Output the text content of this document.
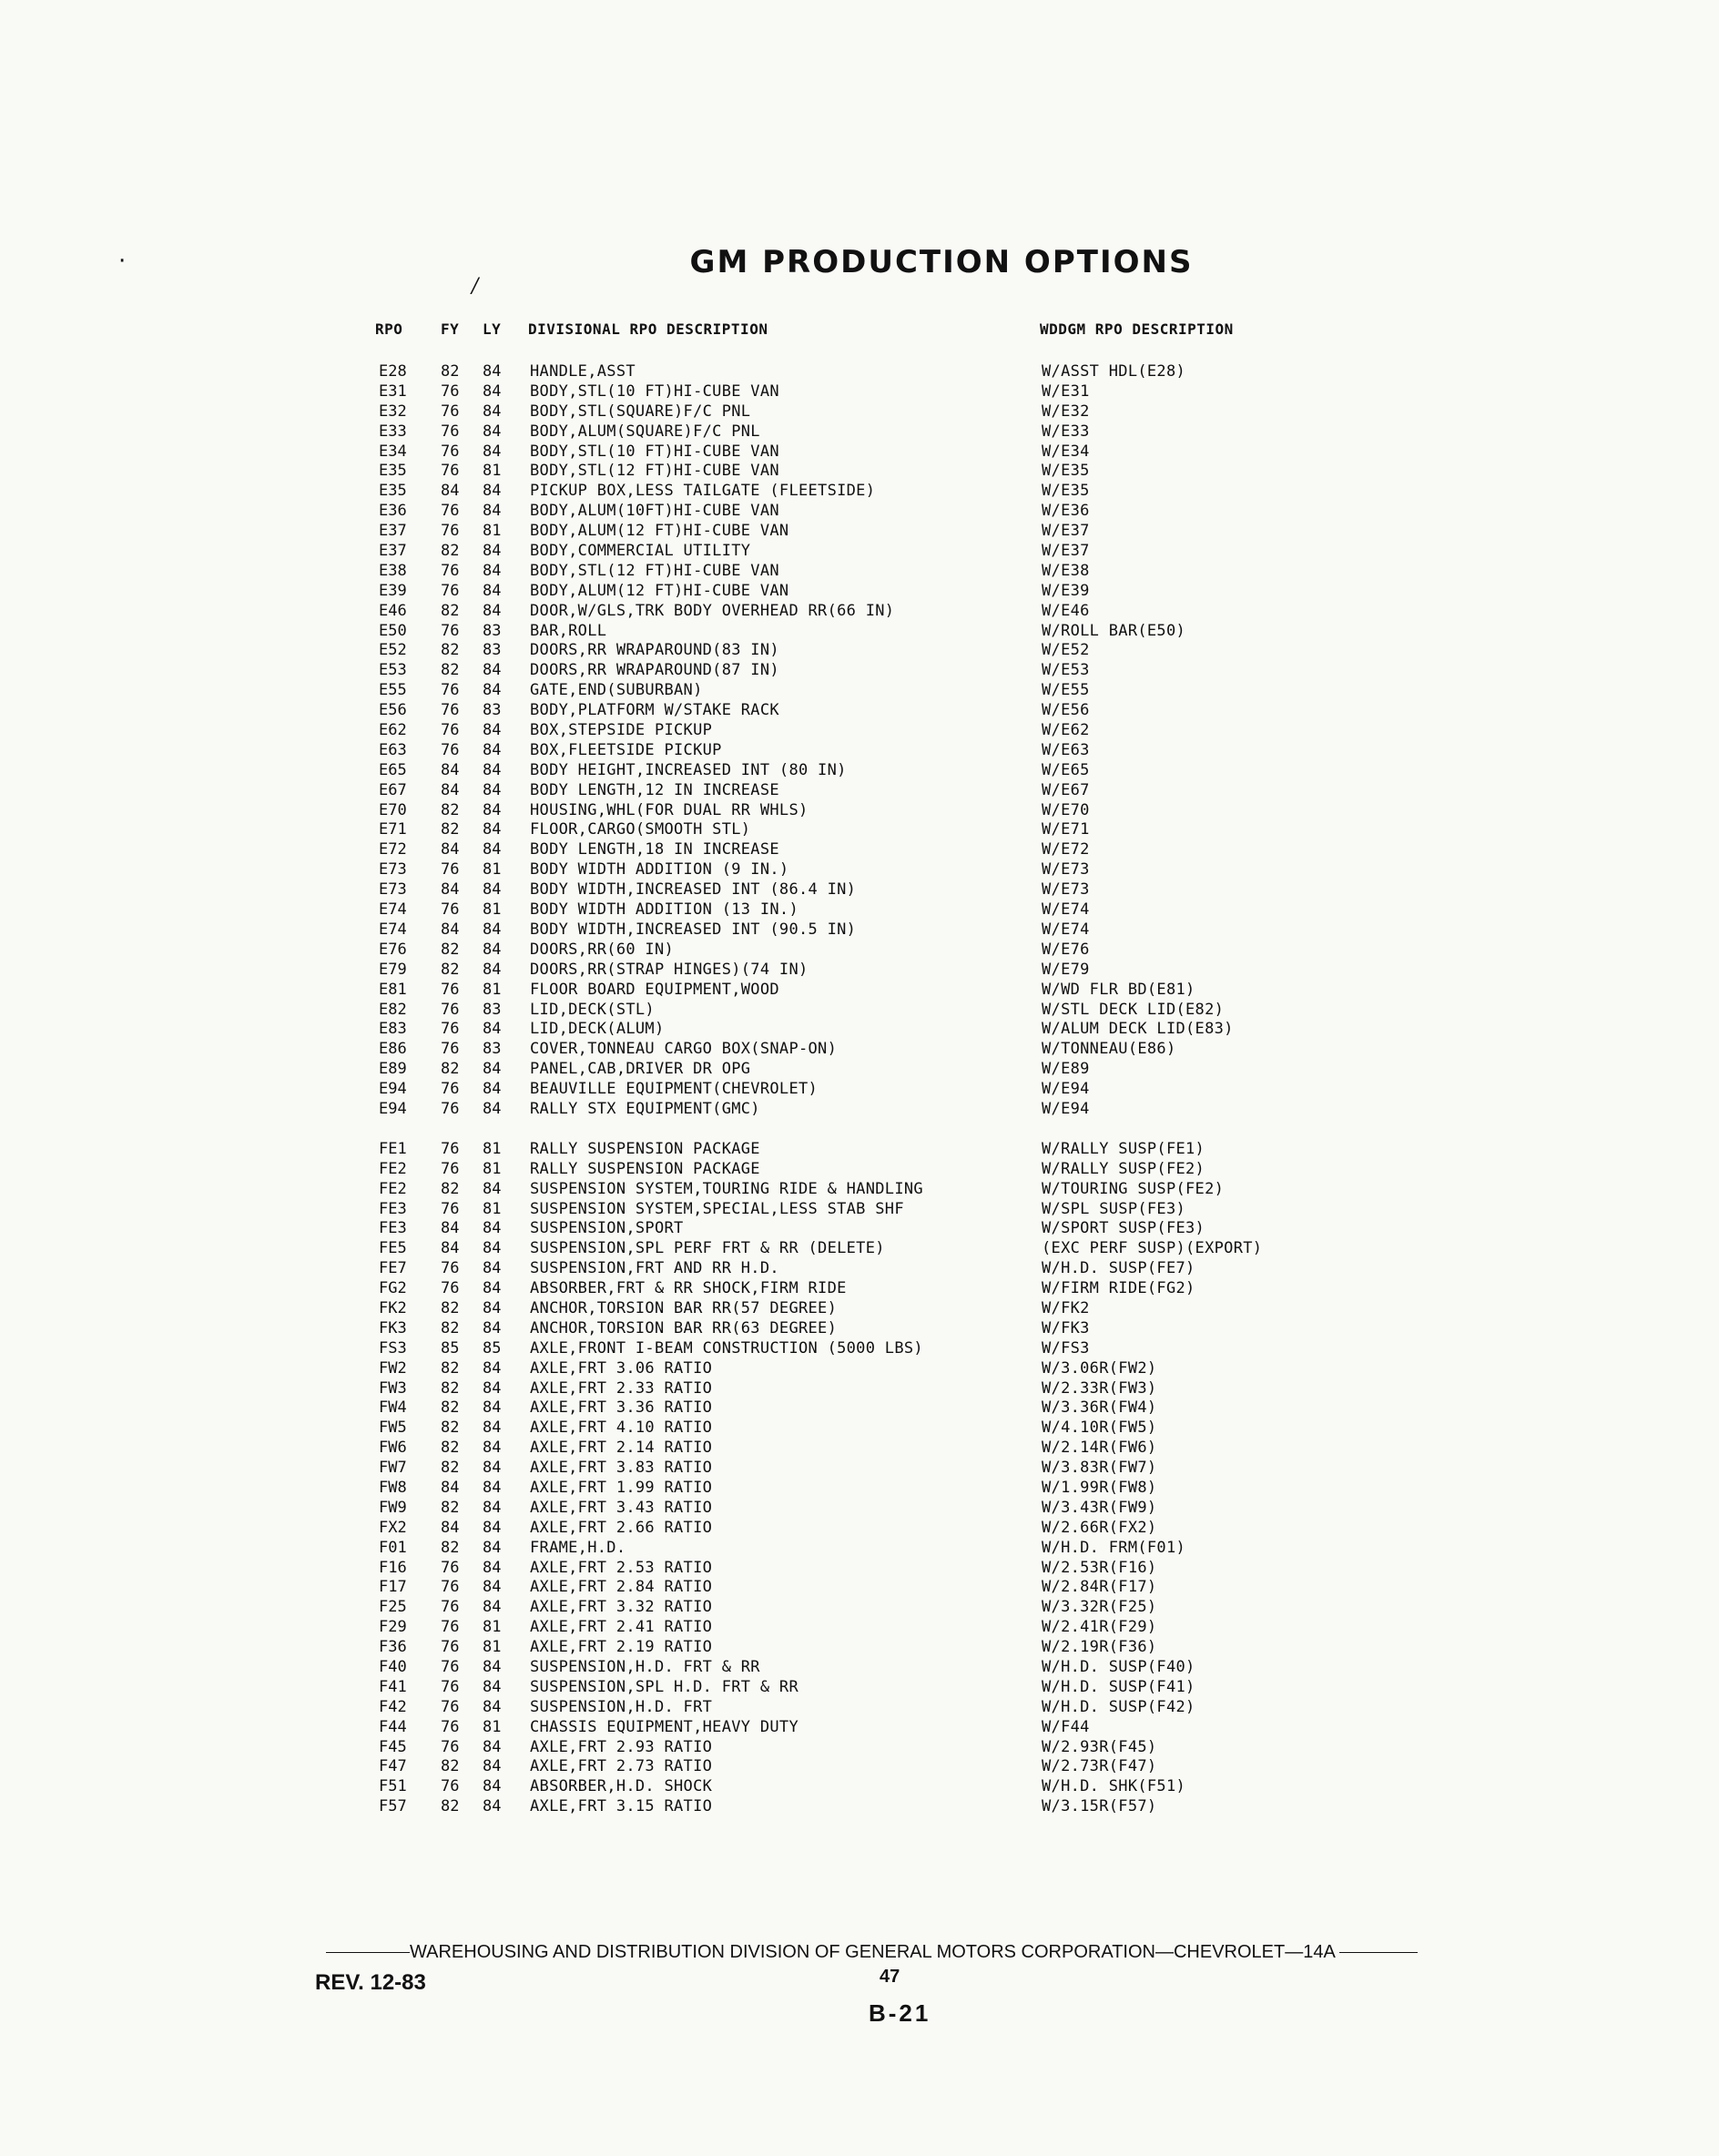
·
/
GM PRODUCTION OPTIONS
RPO	FY LY DIVISIONAL RPO DESCRIPTION	WDDGM RPO DESCRIPTION
E28 82 84 HANDLE,ASST	W/ASST HDL(E28)
E31 76 84 BODY,STL(10 FT)HI-CUBE VAN	W/E31
E32 76 84 BODY,STL(SQUARE)F/C PNL	W/E32
E33 76 84 BODY,ALUM(SQUARE)F/C PNL	W/E33
E34 76 84 BODY,STL(10 FT)HI-CUBE VAN	W/E34
E35 76 81 BODY,STL(12 FT)HI-CUBE VAN	W/E35
E35 84 84 PICKUP BOX,LESS TAILGATE (FLEETSIDE)	W/E35
E36 76 84 BODY,ALUM(10FT)HI-CUBE VAN	W/E36
E37 76 81 BODY,ALUM(12 FT)HI-CUBE VAN	W/E37
E37 82 84 BODY,COMMERCIAL UTILITY	W/E37
E38 76 84 BODY,STL(12 FT)HI-CUBE VAN	W/E38
E39 76 84 BODY,ALUM(12 FT)HI-CUBE VAN	W/E39
E46 82 84 DOOR,W/GLS,TRK BODY OVERHEAD RR(66 IN)	W/E46
E50 76 83 BAR,ROLL	W/ROLL BAR(E50)
E52 82 83 DOORS,RR WRAPAROUND(83 IN)	W/E52
E53 82 84 DOORS,RR WRAPAROUND(87 IN)	W/E53
E55 76 84 GATE,END(SUBURBAN)	W/E55
E56 76 83 BODY,PLATFORM W/STAKE RACK	W/E56
E62 76 84 BOX,STEPSIDE PICKUP	W/E62
E63 76 84 BOX,FLEETSIDE PICKUP	W/E63
E65 84 84 BODY HEIGHT,INCREASED INT (80 IN)	W/E65
E67 84 84 BODY LENGTH,12 IN INCREASE	W/E67
E70 82 84 HOUSING,WHL(FOR DUAL RR WHLS)	W/E70
E71 82 84 FLOOR,CARGO(SMOOTH STL)	W/E71
E72 84 84 BODY LENGTH,18 IN INCREASE	W/E72
E73 76 81 BODY WIDTH ADDITION (9 IN.)	W/E73
E73 84 84 BODY WIDTH,INCREASED INT (86.4 IN)	W/E73
E74 76 81 BODY WIDTH ADDITION (13 IN.)	W/E74
E74 84 84 BODY WIDTH,INCREASED INT (90.5 IN)	W/E74
E76 82 84 DOORS,RR(60 IN)	W/E76
E79 82 84 DOORS,RR(STRAP HINGES)(74 IN)	W/E79
E81 76 81 FLOOR BOARD EQUIPMENT,WOOD	W/WD FLR BD(E81)
E82 76 83 LID,DECK(STL)	W/STL DECK LID(E82)
E83 76 84 LID,DECK(ALUM)	W/ALUM DECK LID(E83)
E86 76 83 COVER,TONNEAU CARGO BOX(SNAP-ON)	W/TONNEAU(E86)
E89 82 84 PANEL,CAB,DRIVER DR OPG	W/E89
E94 76 84 BEAUVILLE EQUIPMENT(CHEVROLET)	W/E94
E94 76 84 RALLY STX EQUIPMENT(GMC)	W/E94
FE1 76 81 RALLY SUSPENSION PACKAGE	W/RALLY SUSP(FE1)
FE2 76 81 RALLY SUSPENSION PACKAGE	W/RALLY SUSP(FE2)
FE2 82 84 SUSPENSION SYSTEM,TOURING RIDE & HANDLING	W/TOURING SUSP(FE2)
FE3 76 81 SUSPENSION SYSTEM,SPECIAL,LESS STAB SHF	W/SPL SUSP(FE3)
FE3 84 84 SUSPENSION,SPORT	W/SPORT SUSP(FE3)
FE5 84 84 SUSPENSION,SPL PERF FRT & RR (DELETE)	(EXC PERF SUSP)(EXPORT)
FE7 76 84 SUSPENSION,FRT AND RR H.D.	W/H.D. SUSP(FE7)
FG2 76 84 ABSORBER,FRT & RR SHOCK,FIRM RIDE	W/FIRM RIDE(FG2)
FK2 82 84 ANCHOR,TORSION BAR RR(57 DEGREE)	W/FK2
FK3 82 84 ANCHOR,TORSION BAR RR(63 DEGREE)	W/FK3
FS3 85 85 AXLE,FRONT I-BEAM CONSTRUCTION (5000 LBS)	W/FS3
FW2 82 84 AXLE,FRT 3.06 RATIO	W/3.06R(FW2)
FW3 82 84 AXLE,FRT 2.33 RATIO	W/2.33R(FW3)
FW4 82 84 AXLE,FRT 3.36 RATIO	W/3.36R(FW4)
FW5 82 84 AXLE,FRT 4.10 RATIO	W/4.10R(FW5)
FW6 82 84 AXLE,FRT 2.14 RATIO	W/2.14R(FW6)
FW7 82 84 AXLE,FRT 3.83 RATIO	W/3.83R(FW7)
FW8 84 84 AXLE,FRT 1.99 RATIO	W/1.99R(FW8)
FW9 82 84 AXLE,FRT 3.43 RATIO	W/3.43R(FW9)
FX2 84 84 AXLE,FRT 2.66 RATIO	W/2.66R(FX2)
F01 82 84 FRAME,H.D.	W/H.D. FRM(F01)
F16 76 84 AXLE,FRT 2.53 RATIO	W/2.53R(F16)
F17 76 84 AXLE,FRT 2.84 RATIO	W/2.84R(F17)
F25 76 84 AXLE,FRT 3.32 RATIO	W/3.32R(F25)
F29 76 81 AXLE,FRT 2.41 RATIO	W/2.41R(F29)
F36 76 81 AXLE,FRT 2.19 RATIO	W/2.19R(F36)
F40 76 84 SUSPENSION,H.D. FRT & RR	W/H.D. SUSP(F40)
F41 76 84 SUSPENSION,SPL H.D. FRT & RR	W/H.D. SUSP(F41)
F42 76 84 SUSPENSION,H.D. FRT	W/H.D. SUSP(F42)
F44 76 81 CHASSIS EQUIPMENT,HEAVY DUTY	W/F44
F45 76 84 AXLE,FRT 2.93 RATIO	W/2.93R(F45)
F47 82 84 AXLE,FRT 2.73 RATIO	W/2.73R(F47)
F51 76 84 ABSORBER,H.D. SHOCK	W/H.D. SHK(F51)
F57 82 84 AXLE,FRT 3.15 RATIO	W/3.15R(F57)
WAREHOUSING AND DISTRIBUTION DIVISION OF GENERAL MOTORS CORPORATION—CHEVROLET—14A
REV. 12-83	47
B-21
